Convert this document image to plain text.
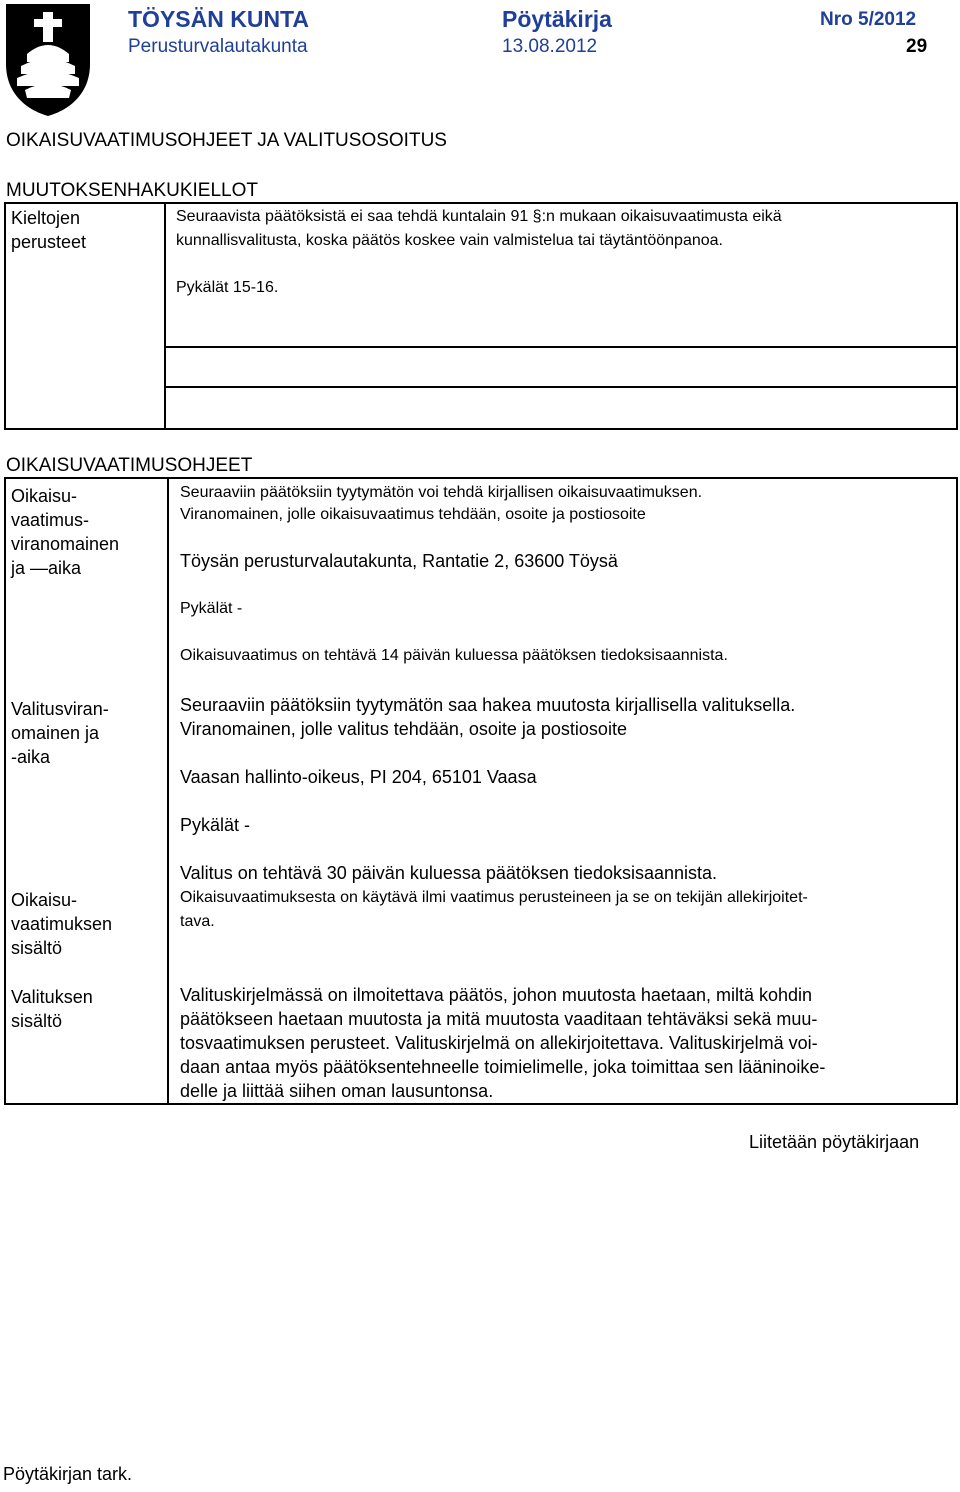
TÖYSÄN KUNTA
Perusturvalautakunta
Pöytäkirja
13.08.2012
Nro 5/2012
29
OIKAISUVAATIMUSOHJEET JA VALITUSOSOITUS
MUUTOKSENHAKUKIELLOT
Kieltojen
perusteet
Seuraavista päätöksistä ei saa tehdä kuntalain 91 §:n mukaan oikaisuvaatimusta eikä
kunnallisvalitusta, koska päätös koskee vain valmistelua tai täytäntöönpanoa.
Pykälät 15-16.
OIKAISUVAATIMUSOHJEET
Oikaisu-
vaatimus-
viranomainen
ja —aika
Seuraaviin päätöksiin tyytymätön voi tehdä kirjallisen oikaisuvaatimuksen.
Viranomainen, jolle oikaisuvaatimus tehdään, osoite ja postiosoite
Töysän perusturvalautakunta, Rantatie 2, 63600 Töysä
Pykälät -
Oikaisuvaatimus on tehtävä 14 päivän kuluessa päätöksen tiedoksisaannista.
Valitusviran-
omainen ja
-aika
Seuraaviin päätöksiin tyytymätön saa hakea muutosta kirjallisella valituksella.
Viranomainen, jolle valitus tehdään, osoite ja postiosoite
Vaasan hallinto-oikeus, PI 204, 65101 Vaasa
Pykälät -
Valitus on tehtävä 30 päivän kuluessa päätöksen tiedoksisaannista.
Oikaisu-
vaatimuksen
sisältö
Oikaisuvaatimuksesta on käytävä ilmi vaatimus perusteineen ja se on tekijän allekirjoitet-
tava.
Valituksen
sisältö
Valituskirjelmässä on ilmoitettava päätös, johon muutosta haetaan, miltä kohdin
päätökseen haetaan muutosta ja mitä muutosta vaaditaan tehtäväksi sekä muu-
tosvaatimuksen perusteet. Valituskirjelmä on allekirjoitettava. Valituskirjelmä voi-
daan antaa myös päätöksentehneelle toimielimelle, joka toimittaa sen lääninoike-
delle ja liittää siihen oman lausuntonsa.
Liitetään pöytäkirjaan
Pöytäkirjan tark.
